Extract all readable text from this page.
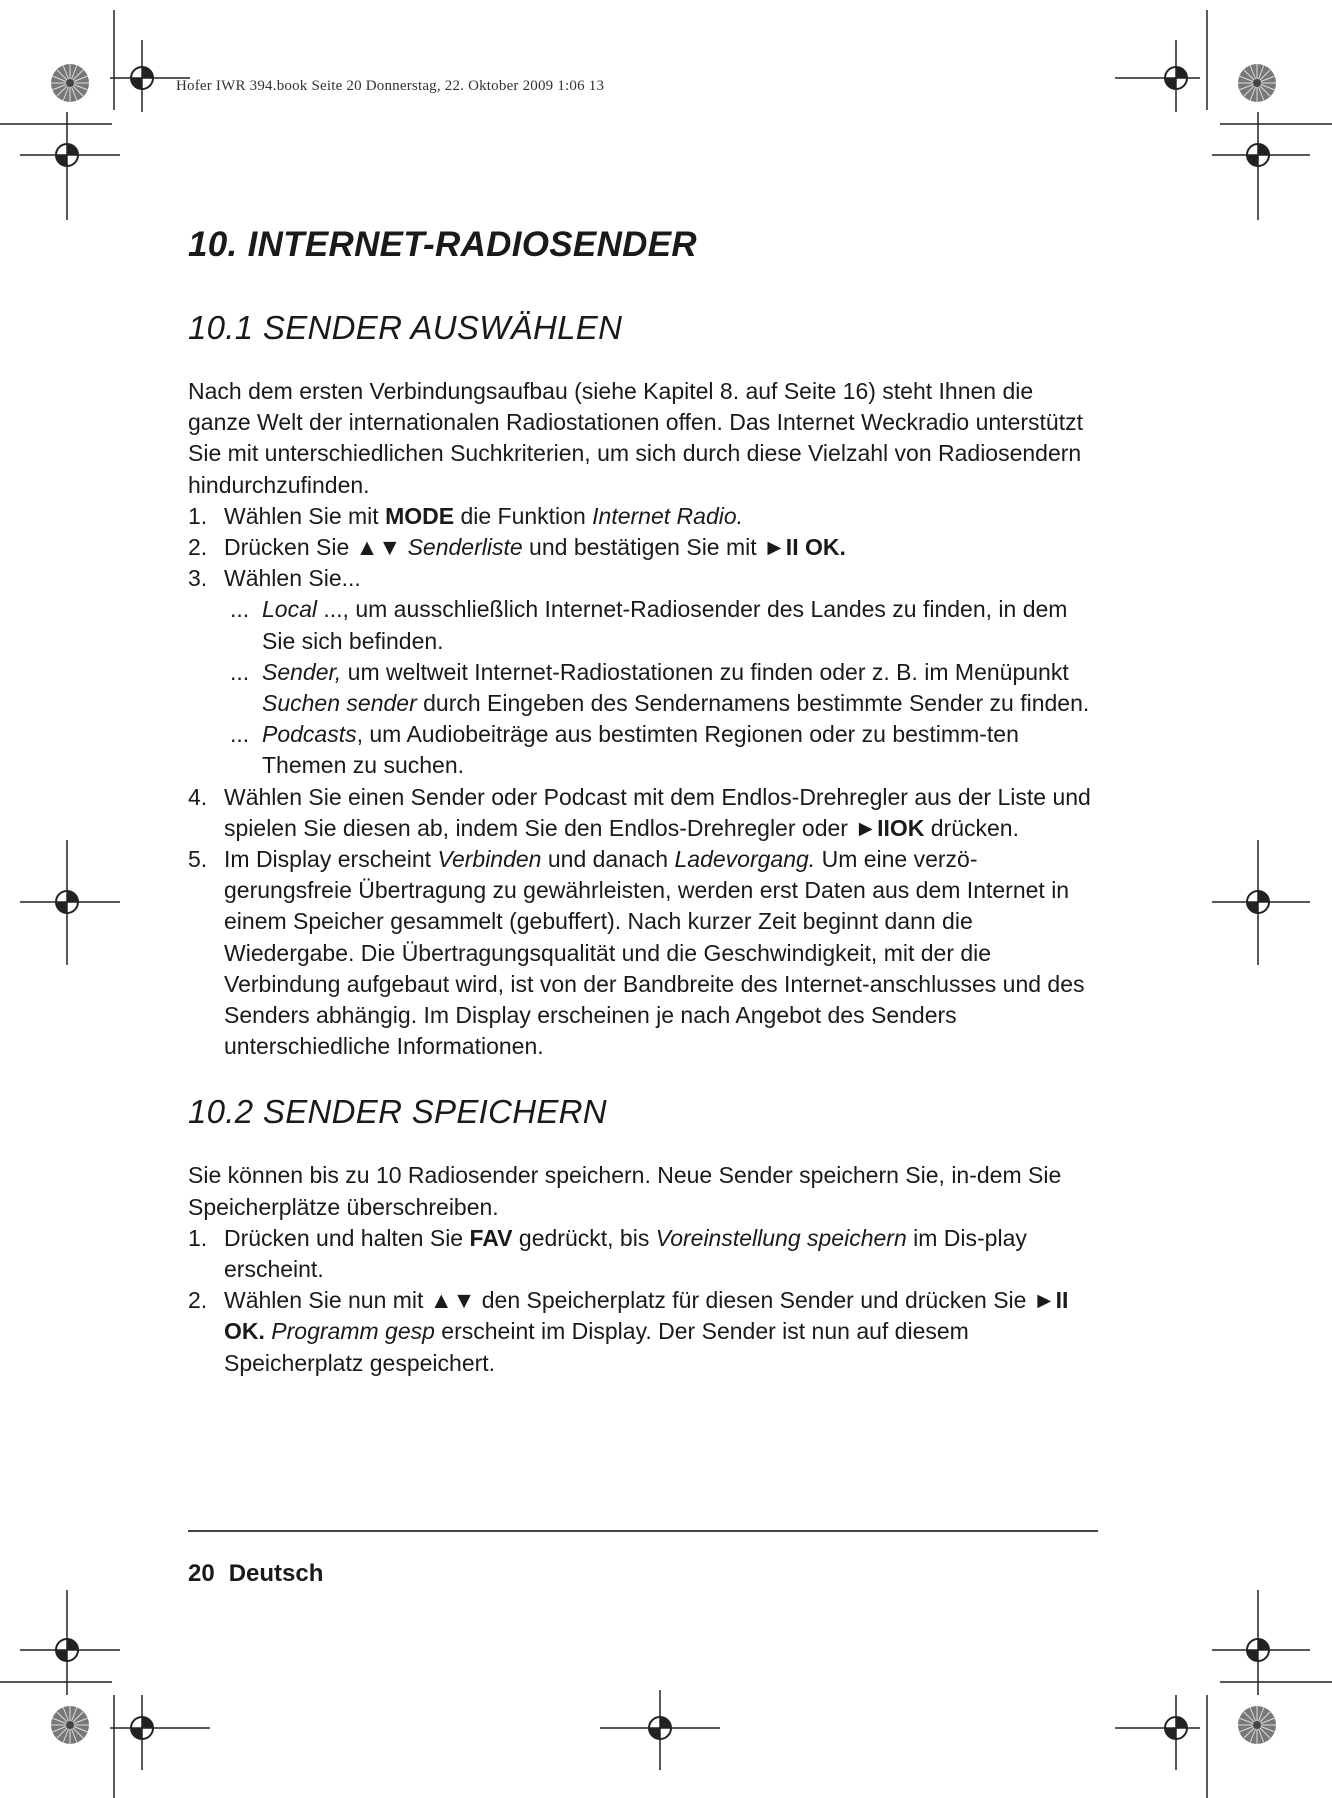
Hofer IWR 394.book Seite 20 Donnerstag, 22. Oktober 2009 1:06 13
10. INTERNET-RADIOSENDER
10.1 SENDER AUSWÄHLEN

Nach dem ersten Verbindungsaufbau (siehe Kapitel 8. auf Seite 16) steht Ihnen die ganze Welt der internationalen Radiostationen offen. Das Internet Weckradio unterstützt Sie mit unterschiedlichen Suchkriterien, um sich durch diese Vielzahl von Radiosendern hindurchzufinden.

1. Wählen Sie mit MODE die Funktion Internet Radio.
2. Drücken Sie ▲▼ Senderliste und bestätigen Sie mit ►II OK.
3. Wählen Sie...
... Local ..., um ausschließlich Internet-Radiosender des Landes zu finden, in dem Sie sich befinden.
... Sender, um weltweit Internet-Radiostationen zu finden oder z. B. im Menüpunkt Suchen sender durch Eingeben des Sendernamens bestimmte Sender zu finden.
... Podcasts, um Audiobeiträge aus bestimten Regionen oder zu bestimm-ten Themen zu suchen.
4. Wählen Sie einen Sender oder Podcast mit dem Endlos-Drehregler aus der Liste und spielen Sie diesen ab, indem Sie den Endlos-Drehregler oder ►IIOK drücken.
5. Im Display erscheint Verbinden und danach Ladevorgang. Um eine verzö-gerungsfreie Übertragung zu gewährleisten, werden erst Daten aus dem Internet in einem Speicher gesammelt (gebuffert). Nach kurzer Zeit beginnt dann die Wiedergabe. Die Übertragungsqualität und die Geschwindigkeit, mit der die Verbindung aufgebaut wird, ist von der Bandbreite des Internet-anschlusses und des Senders abhängig. Im Display erscheinen je nach Angebot des Senders unterschiedliche Informationen.
10.2 SENDER SPEICHERN

Sie können bis zu 10 Radiosender speichern. Neue Sender speichern Sie, in-dem Sie Speicherplätze überschreiben.

1. Drücken und halten Sie FAV gedrückt, bis Voreinstellung speichern im Dis-play erscheint.
2. Wählen Sie nun mit ▲▼ den Speicherplatz für diesen Sender und drücken Sie ►II OK. Programm gesp erscheint im Display. Der Sender ist nun auf diesem Speicherplatz gespeichert.
20 Deutsch
